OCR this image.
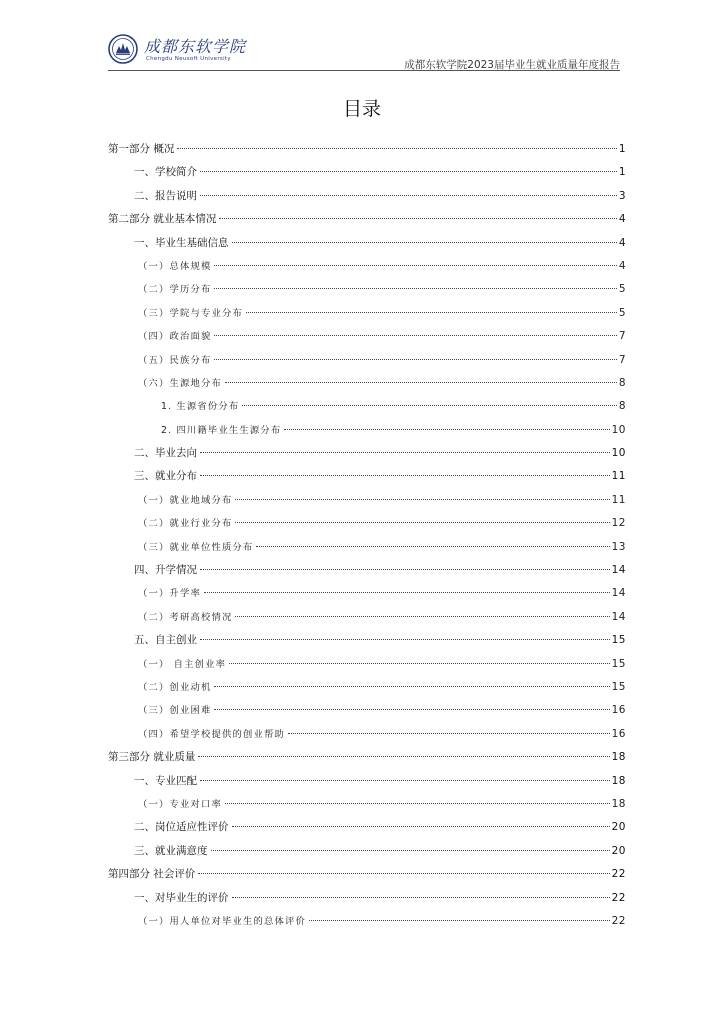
成都东软学院
Chengdu Neusoft University	成都东软学院2023届毕业生就业质量年度报告
目录
第一部分 概况	1
一、学校简介	1
二、报告说明	3
第二部分 就业基本情况	4
一、毕业生基础信息	4
（一）总体规模	4
（二）学历分布	5
（三）学院与专业分布	5
（四）政治面貌	7
（五）民族分布	7
（六）生源地分布	8
1. 生源省份分布	8
2. 四川籍毕业生生源分布	10
二、毕业去向	10
三、就业分布	11
（一）就业地域分布	11
（二）就业行业分布	12
（三）就业单位性质分布	13
四、升学情况	14
（一）升学率	14
（二）考研高校情况	14
五、自主创业	15
（一） 自主创业率	15
（二）创业动机	15
（三）创业困难	16
（四）希望学校提供的创业帮助	16
第三部分 就业质量	18
一、专业匹配	18
（一）专业对口率	18
二、岗位适应性评价	20
三、就业满意度	20
第四部分 社会评价	22
一、对毕业生的评价	22
（一）用人单位对毕业生的总体评价	22
